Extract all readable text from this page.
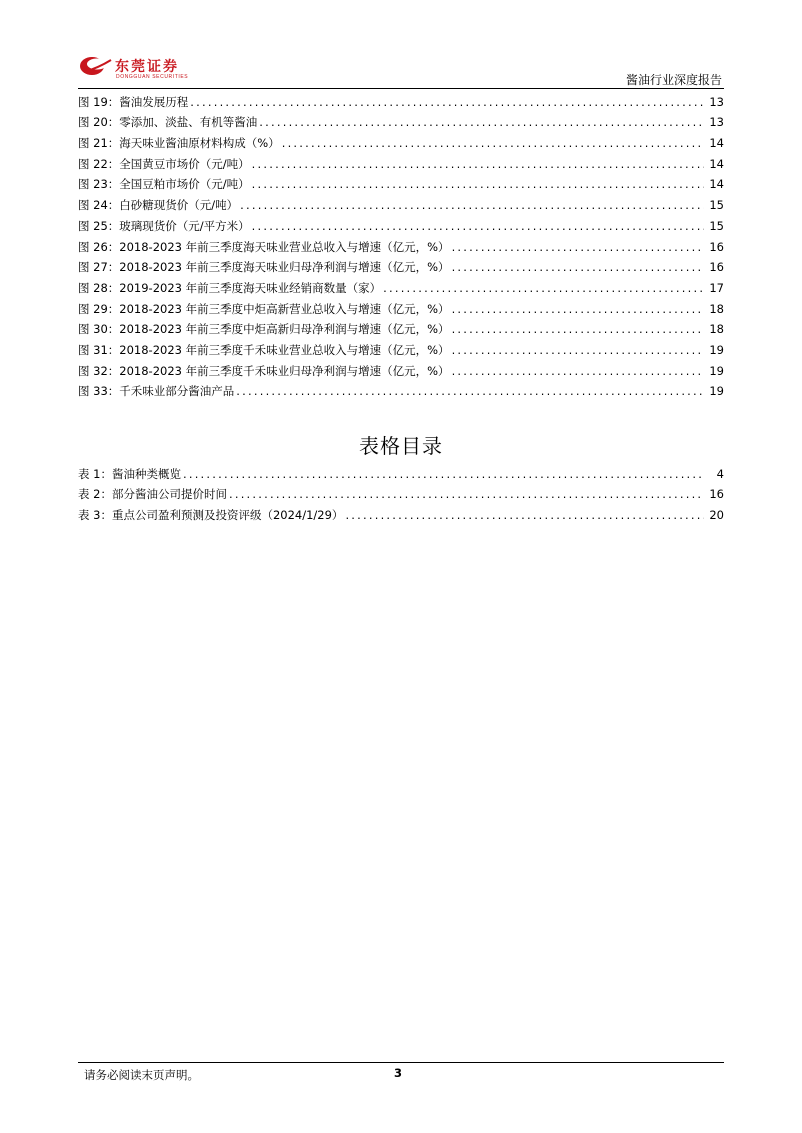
东莞证券
DONGGUAN SECURITIES	酱油行业深度报告
图 19：酱油发展历程 .....	13
图 20：零添加、淡盐、有机等酱油 .....	13
图 21：海天味业酱油原材料构成（%） .....	14
图 22：全国黄豆市场价（元/吨） .....	14
图 23：全国豆粕市场价（元/吨） .....	14
图 24：白砂糖现货价（元/吨） .....	15
图 25：玻璃现货价（元/平方米） .....	15
图 26：2018-2023 年前三季度海天味业营业总收入与增速（亿元，%） .....	16
图 27：2018-2023 年前三季度海天味业归母净利润与增速（亿元，%） .....	16
图 28：2019-2023 年前三季度海天味业经销商数量（家） .....	17
图 29：2018-2023 年前三季度中炬高新营业总收入与增速（亿元，%） .....	18
图 30：2018-2023 年前三季度中炬高新归母净利润与增速（亿元，%） .....	18
图 31：2018-2023 年前三季度千禾味业营业总收入与增速（亿元，%） .....	19
图 32：2018-2023 年前三季度千禾味业归母净利润与增速（亿元，%） .....	19
图 33：千禾味业部分酱油产品 .....	19
表格目录
表 1：酱油种类概览 .....	4
表 2：部分酱油公司提价时间 .....	16
表 3：重点公司盈利预测及投资评级（2024/1/29） .....	20
请务必阅读末页声明。	3
